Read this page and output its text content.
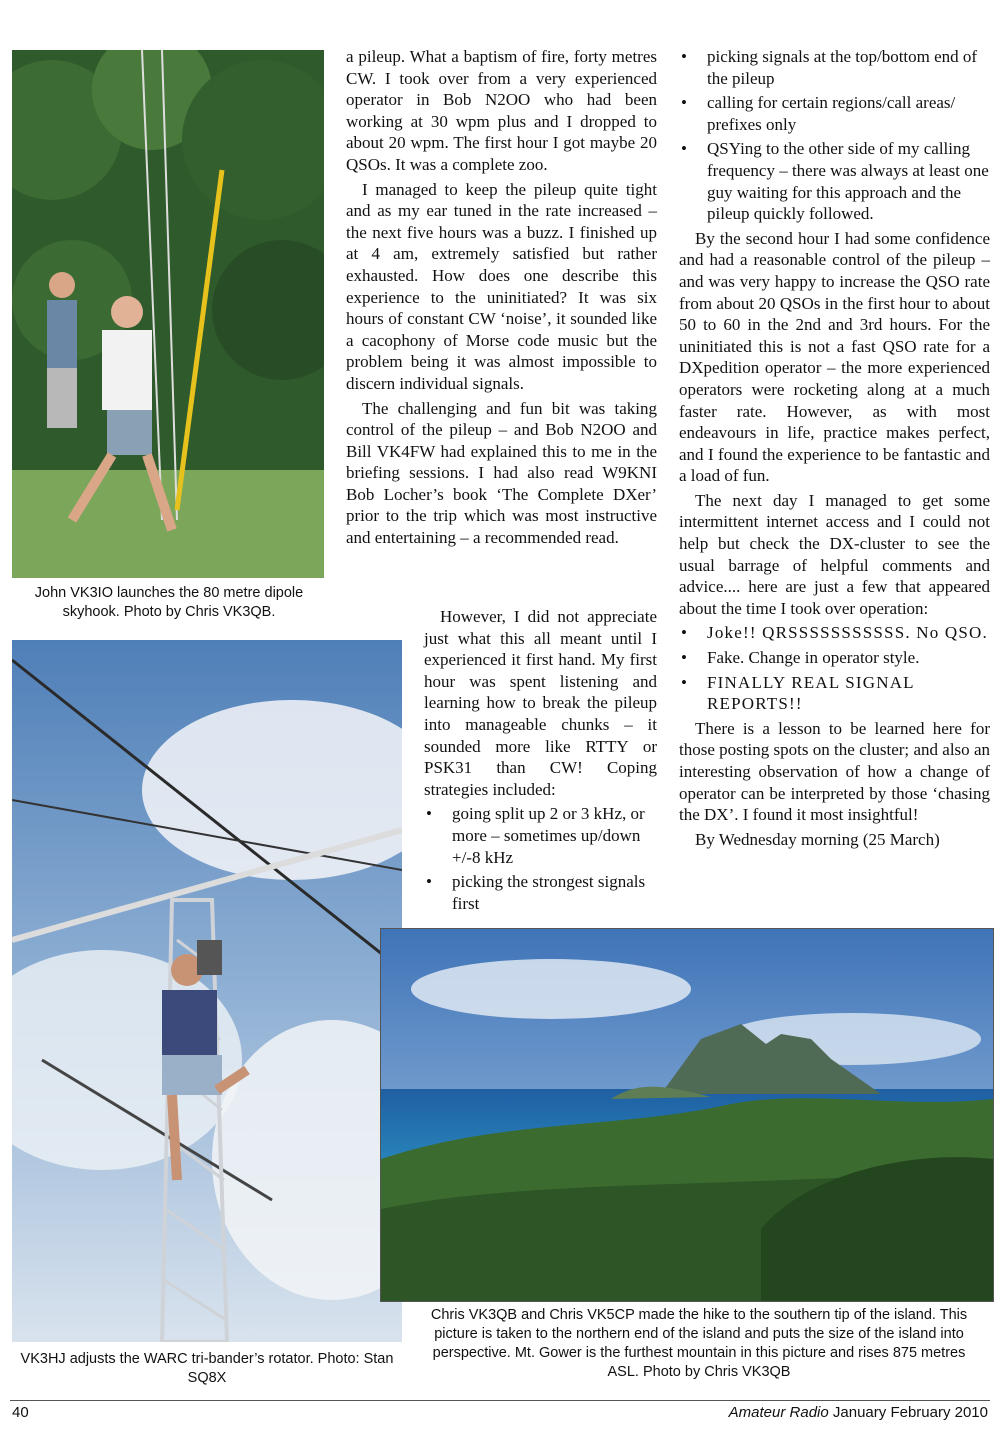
John VK3IO launches the 80 metre dipole skyhook. Photo by Chris VK3QB.
VK3HJ adjusts the WARC tri-bander’s rotator. Photo: Stan SQ8X
Chris VK3QB and Chris VK5CP made the hike to the southern tip of the island. This picture is taken to the northern end of the island and puts the size of the island into perspective. Mt. Gower is the furthest mountain in this picture and rises 875 metres ASL. Photo by Chris VK3QB

a pileup. What a baptism of fire, forty metres CW. I took over from a very experienced operator in Bob N2OO who had been working at 30 wpm plus and I dropped to about 20 wpm. The first hour I got maybe 20 QSOs. It was a complete zoo.

I managed to keep the pileup quite tight and as my ear tuned in the rate increased – the next five hours was a buzz. I finished up at 4 am, extremely satisfied but rather exhausted. How does one describe this experience to the uninitiated? It was six hours of constant CW ‘noise’, it sounded like a cacophony of Morse code music but the problem being it was almost impossible to discern individual signals.

The challenging and fun bit was taking control of the pileup – and Bob N2OO and Bill VK4FW had explained this to me in the briefing sessions. I had also read W9KNI Bob Locher’s book ‘The Complete DXer’ prior to the trip which was most instructive and entertaining – a recommended read.

However, I did not appreciate just what this all meant until I experienced it first hand. My first hour was spent listening and learning how to break the pileup into manageable chunks – it sounded more like RTTY or PSK31 than CW! Coping strategies included:

• going split up 2 or 3 kHz, or more – sometimes up/down +/-8 kHz
• picking the strongest signals first
• picking signals at the top/bottom end of the pileup
• calling for certain regions/call areas/ prefixes only
• QSYing to the other side of my calling frequency – there was always at least one guy waiting for this approach and the pileup quickly followed.

By the second hour I had some confidence and had a reasonable control of the pileup – and was very happy to increase the QSO rate from about 20 QSOs in the first hour to about 50 to 60 in the 2nd and 3rd hours. For the uninitiated this is not a fast QSO rate for a DXpedition operator – the more experienced operators were rocketing along at a much faster rate. However, as with most endeavours in life, practice makes perfect, and I found the experience to be fantastic and a load of fun.

The next day I managed to get some intermittent internet access and I could not help but check the DX-cluster to see the usual barrage of helpful comments and advice.... here are just a few that appeared about the time I took over operation:

• Joke!! QRSSSSSSSSSSS. No QSO.
• Fake. Change in operator style.
• FINALLY REAL SIGNAL REPORTS!!

There is a lesson to be learned here for those posting spots on the cluster; and also an interesting observation of how a change of operator can be interpreted by those ‘chasing the DX’. I found it most insightful!

By Wednesday morning (25 March)

40	Amateur Radio January February 2010
